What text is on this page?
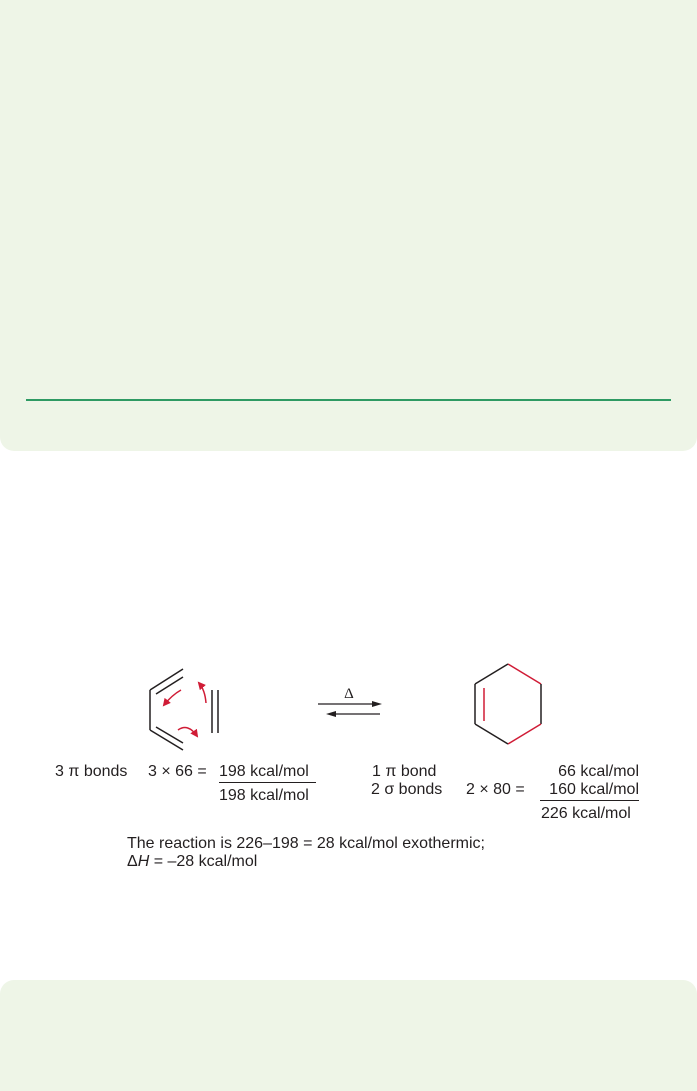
Δ
3 π bonds 3 × 66 = 198 kcal/mol
198 kcal/mol
1 π bond	66 kcal/mol
2 σ bonds 2 × 80 =	160 kcal/mol
226 kcal/mol
The reaction is 226–198 = 28 kcal/mol exothermic;
ΔH = –28 kcal/mol
